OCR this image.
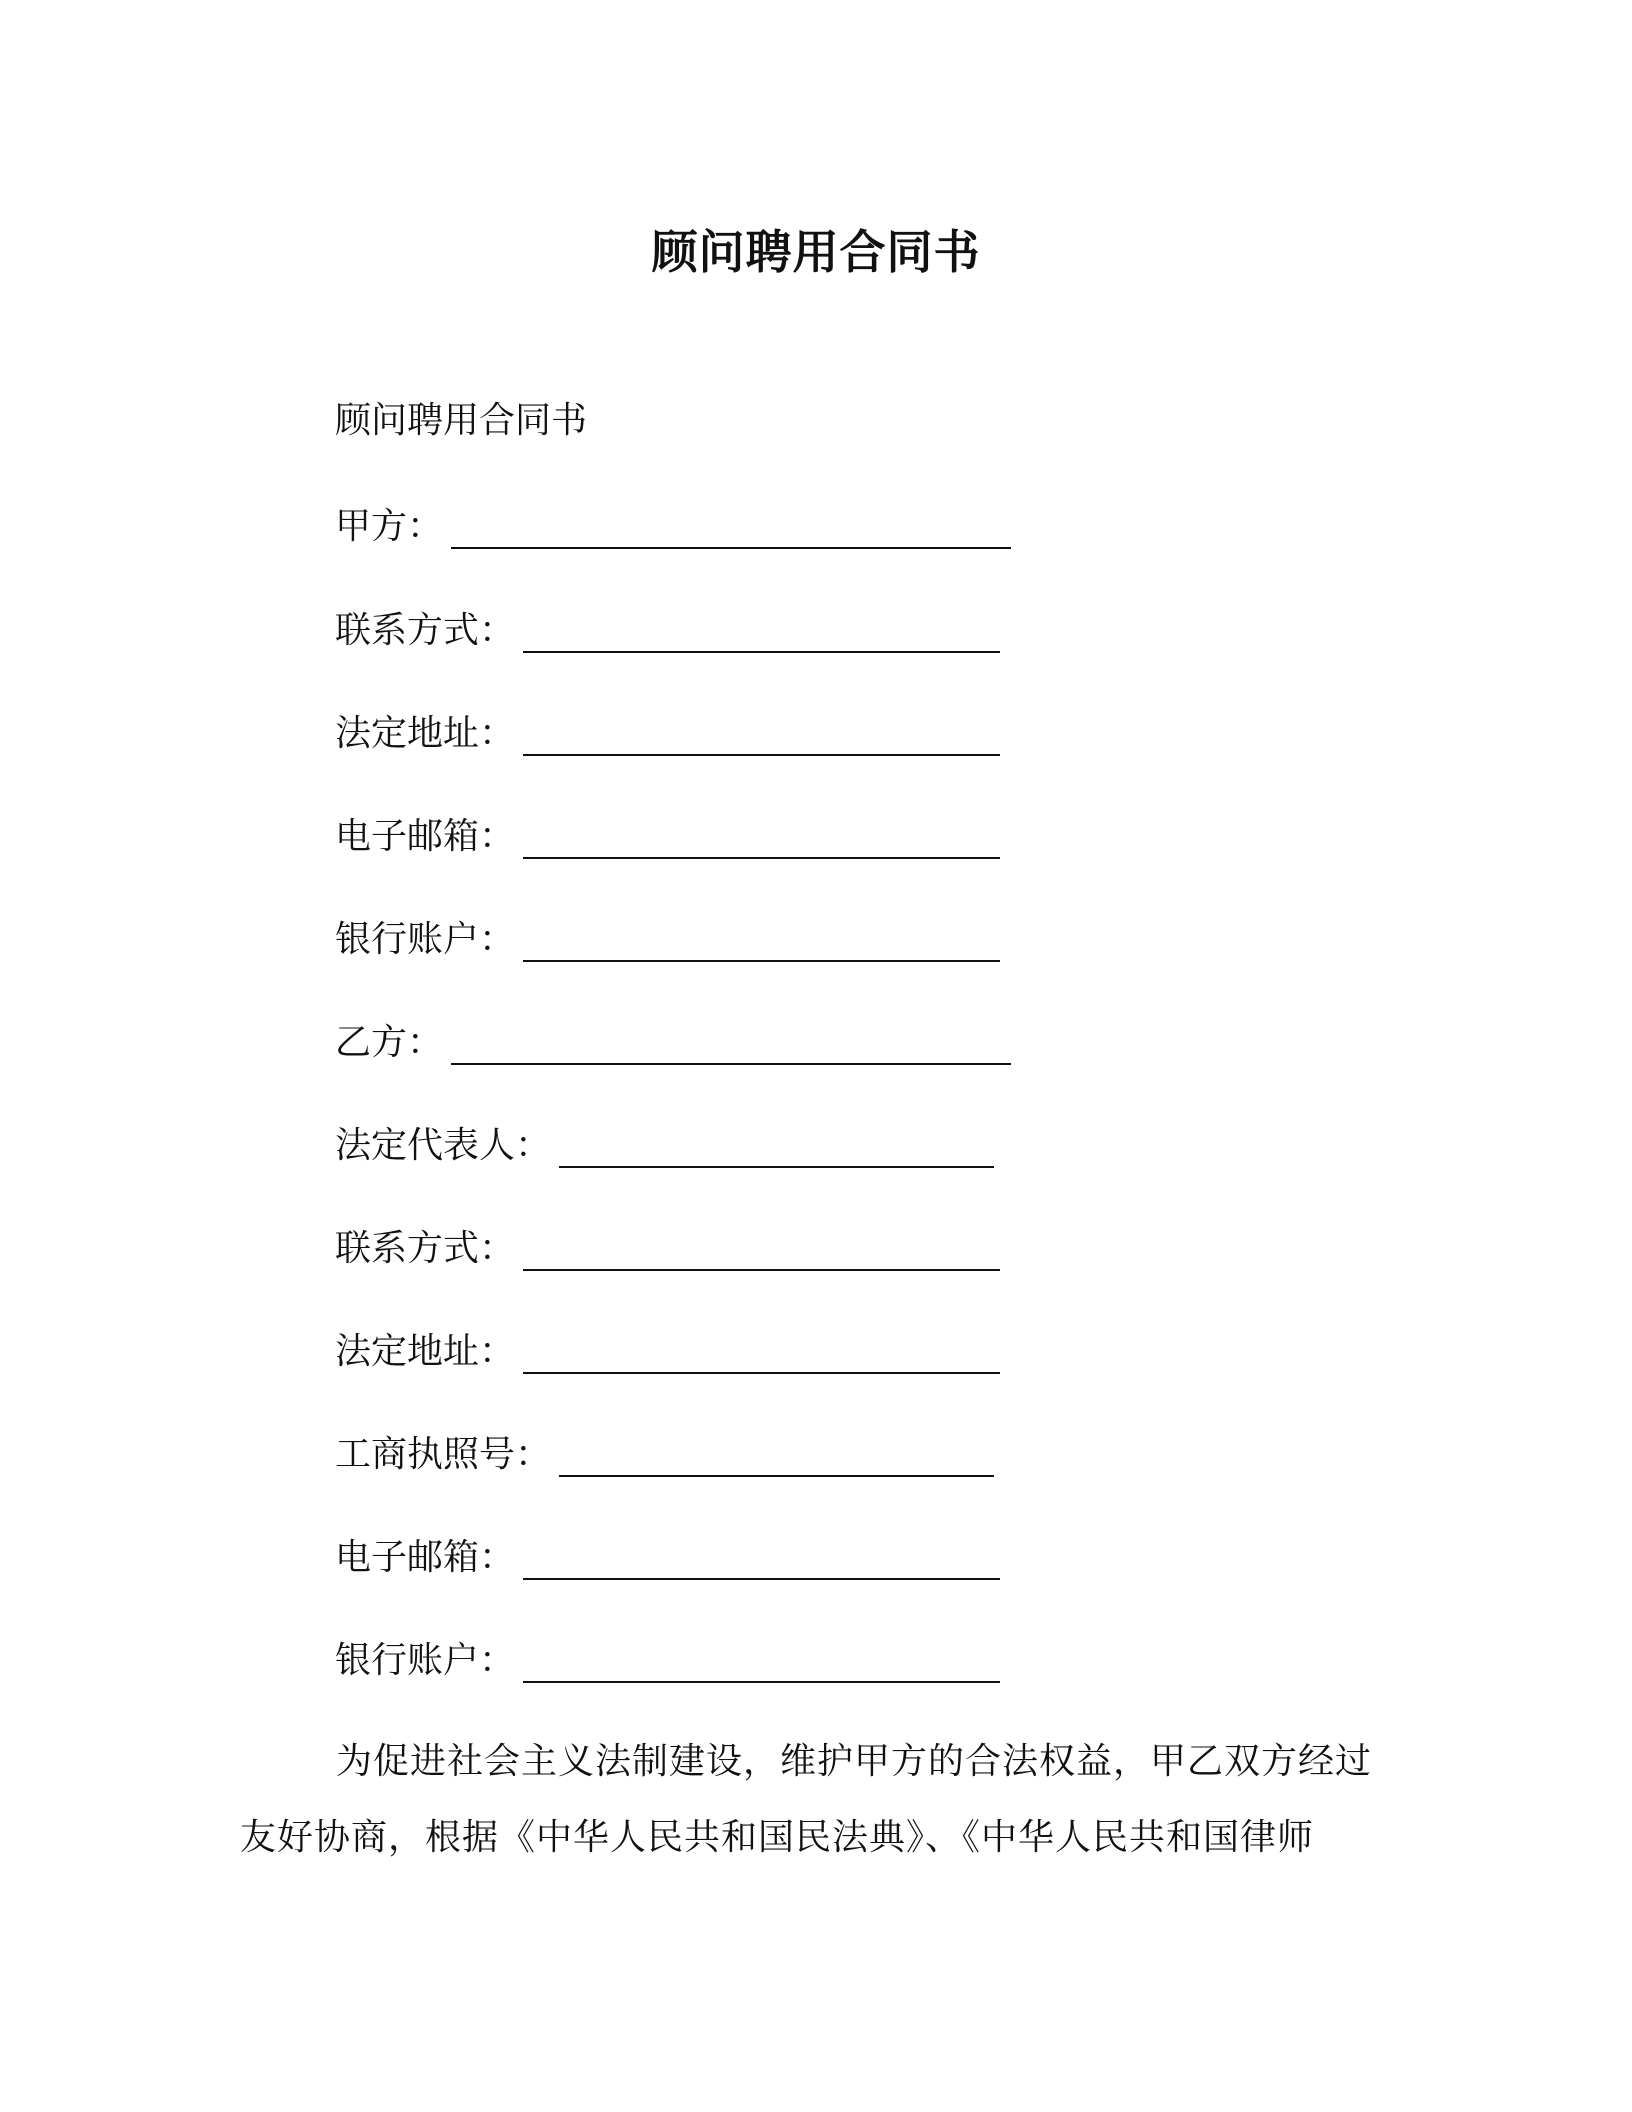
顾问聘用合同书
顾问聘用合同书
甲方：
联系方式：
法定地址：
电子邮箱：
银行账户：
乙方：
法定代表人：
联系方式：
法定地址：
工商执照号：
电子邮箱：
银行账户：
为促进社会主义法制建设，维护甲方的合法权益，甲乙双方经过友好协商，根据《中华人民共和国民法典》、《中华人民共和国律师
